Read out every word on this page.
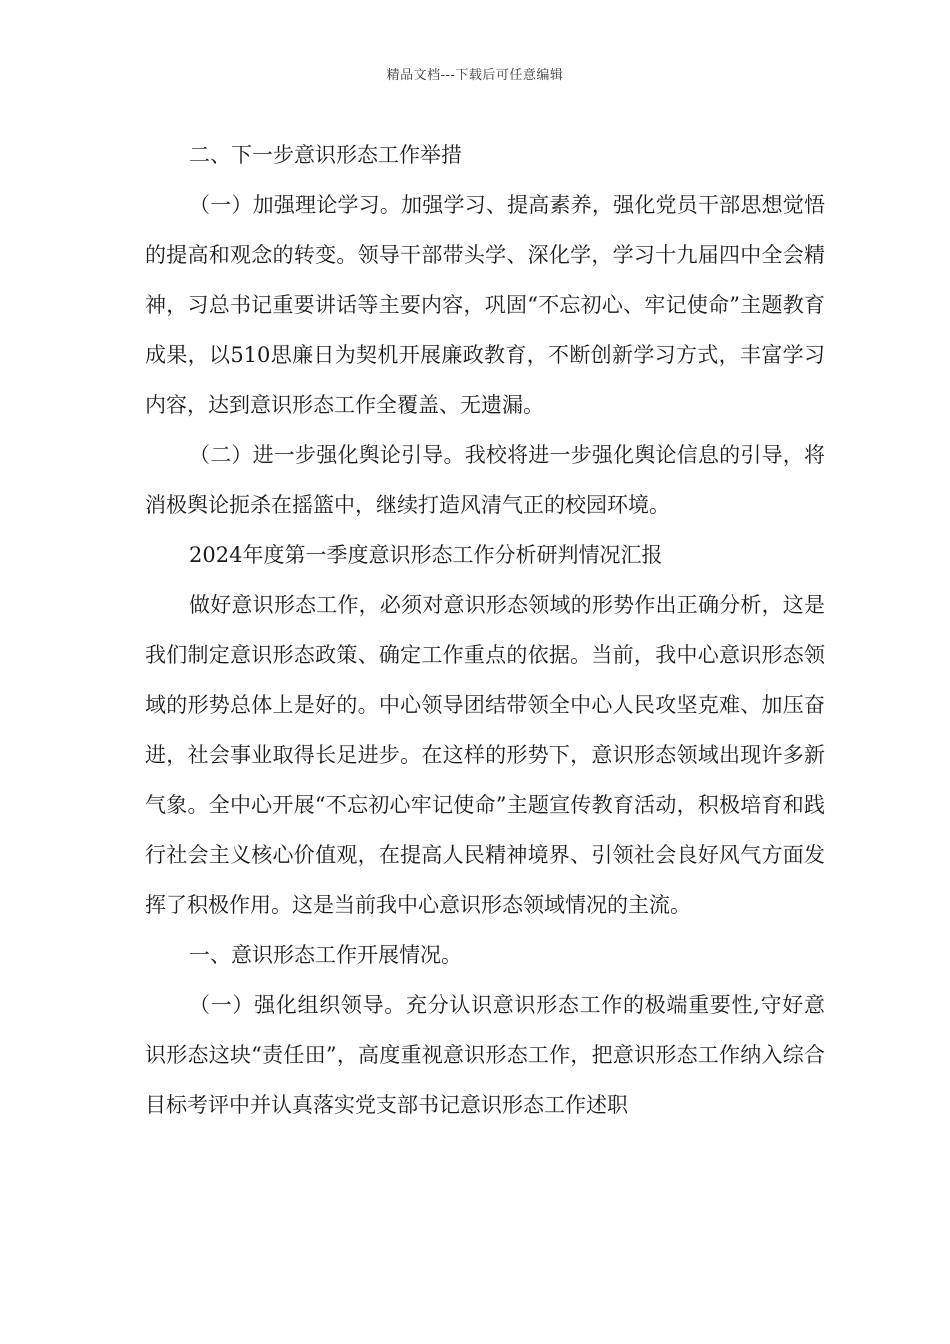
精品文档---下载后可任意编辑

二、下一步意识形态工作举措

（一）加强理论学习。加强学习、提高素养，强化党员干部思想觉悟的提高和观念的转变。领导干部带头学、深化学，学习十九届四中全会精神，习总书记重要讲话等主要内容，巩固“不忘初心、牢记使命”主题教育成果，以510思廉日为契机开展廉政教育，不断创新学习方式，丰富学习内容，达到意识形态工作全覆盖、无遗漏。

（二）进一步强化舆论引导。我校将进一步强化舆论信息的引导，将消极舆论扼杀在摇篮中，继续打造风清气正的校园环境。

2024年度第一季度意识形态工作分析研判情况汇报

做好意识形态工作，必须对意识形态领域的形势作出正确分析，这是我们制定意识形态政策、确定工作重点的依据。当前，我中心意识形态领域的形势总体上是好的。中心领导团结带领全中心人民攻坚克难、加压奋进，社会事业取得长足进步。在这样的形势下，意识形态领域出现许多新气象。全中心开展“不忘初心牢记使命”主题宣传教育活动，积极培育和践行社会主义核心价值观，在提高人民精神境界、引领社会良好风气方面发挥了积极作用。这是当前我中心意识形态领域情况的主流。

一、意识形态工作开展情况。

（一）强化组织领导。充分认识意识形态工作的极端重要性,守好意识形态这块“责任田”，高度重视意识形态工作，把意识形态工作纳入综合目标考评中并认真落实党支部书记意识形态工作述职
